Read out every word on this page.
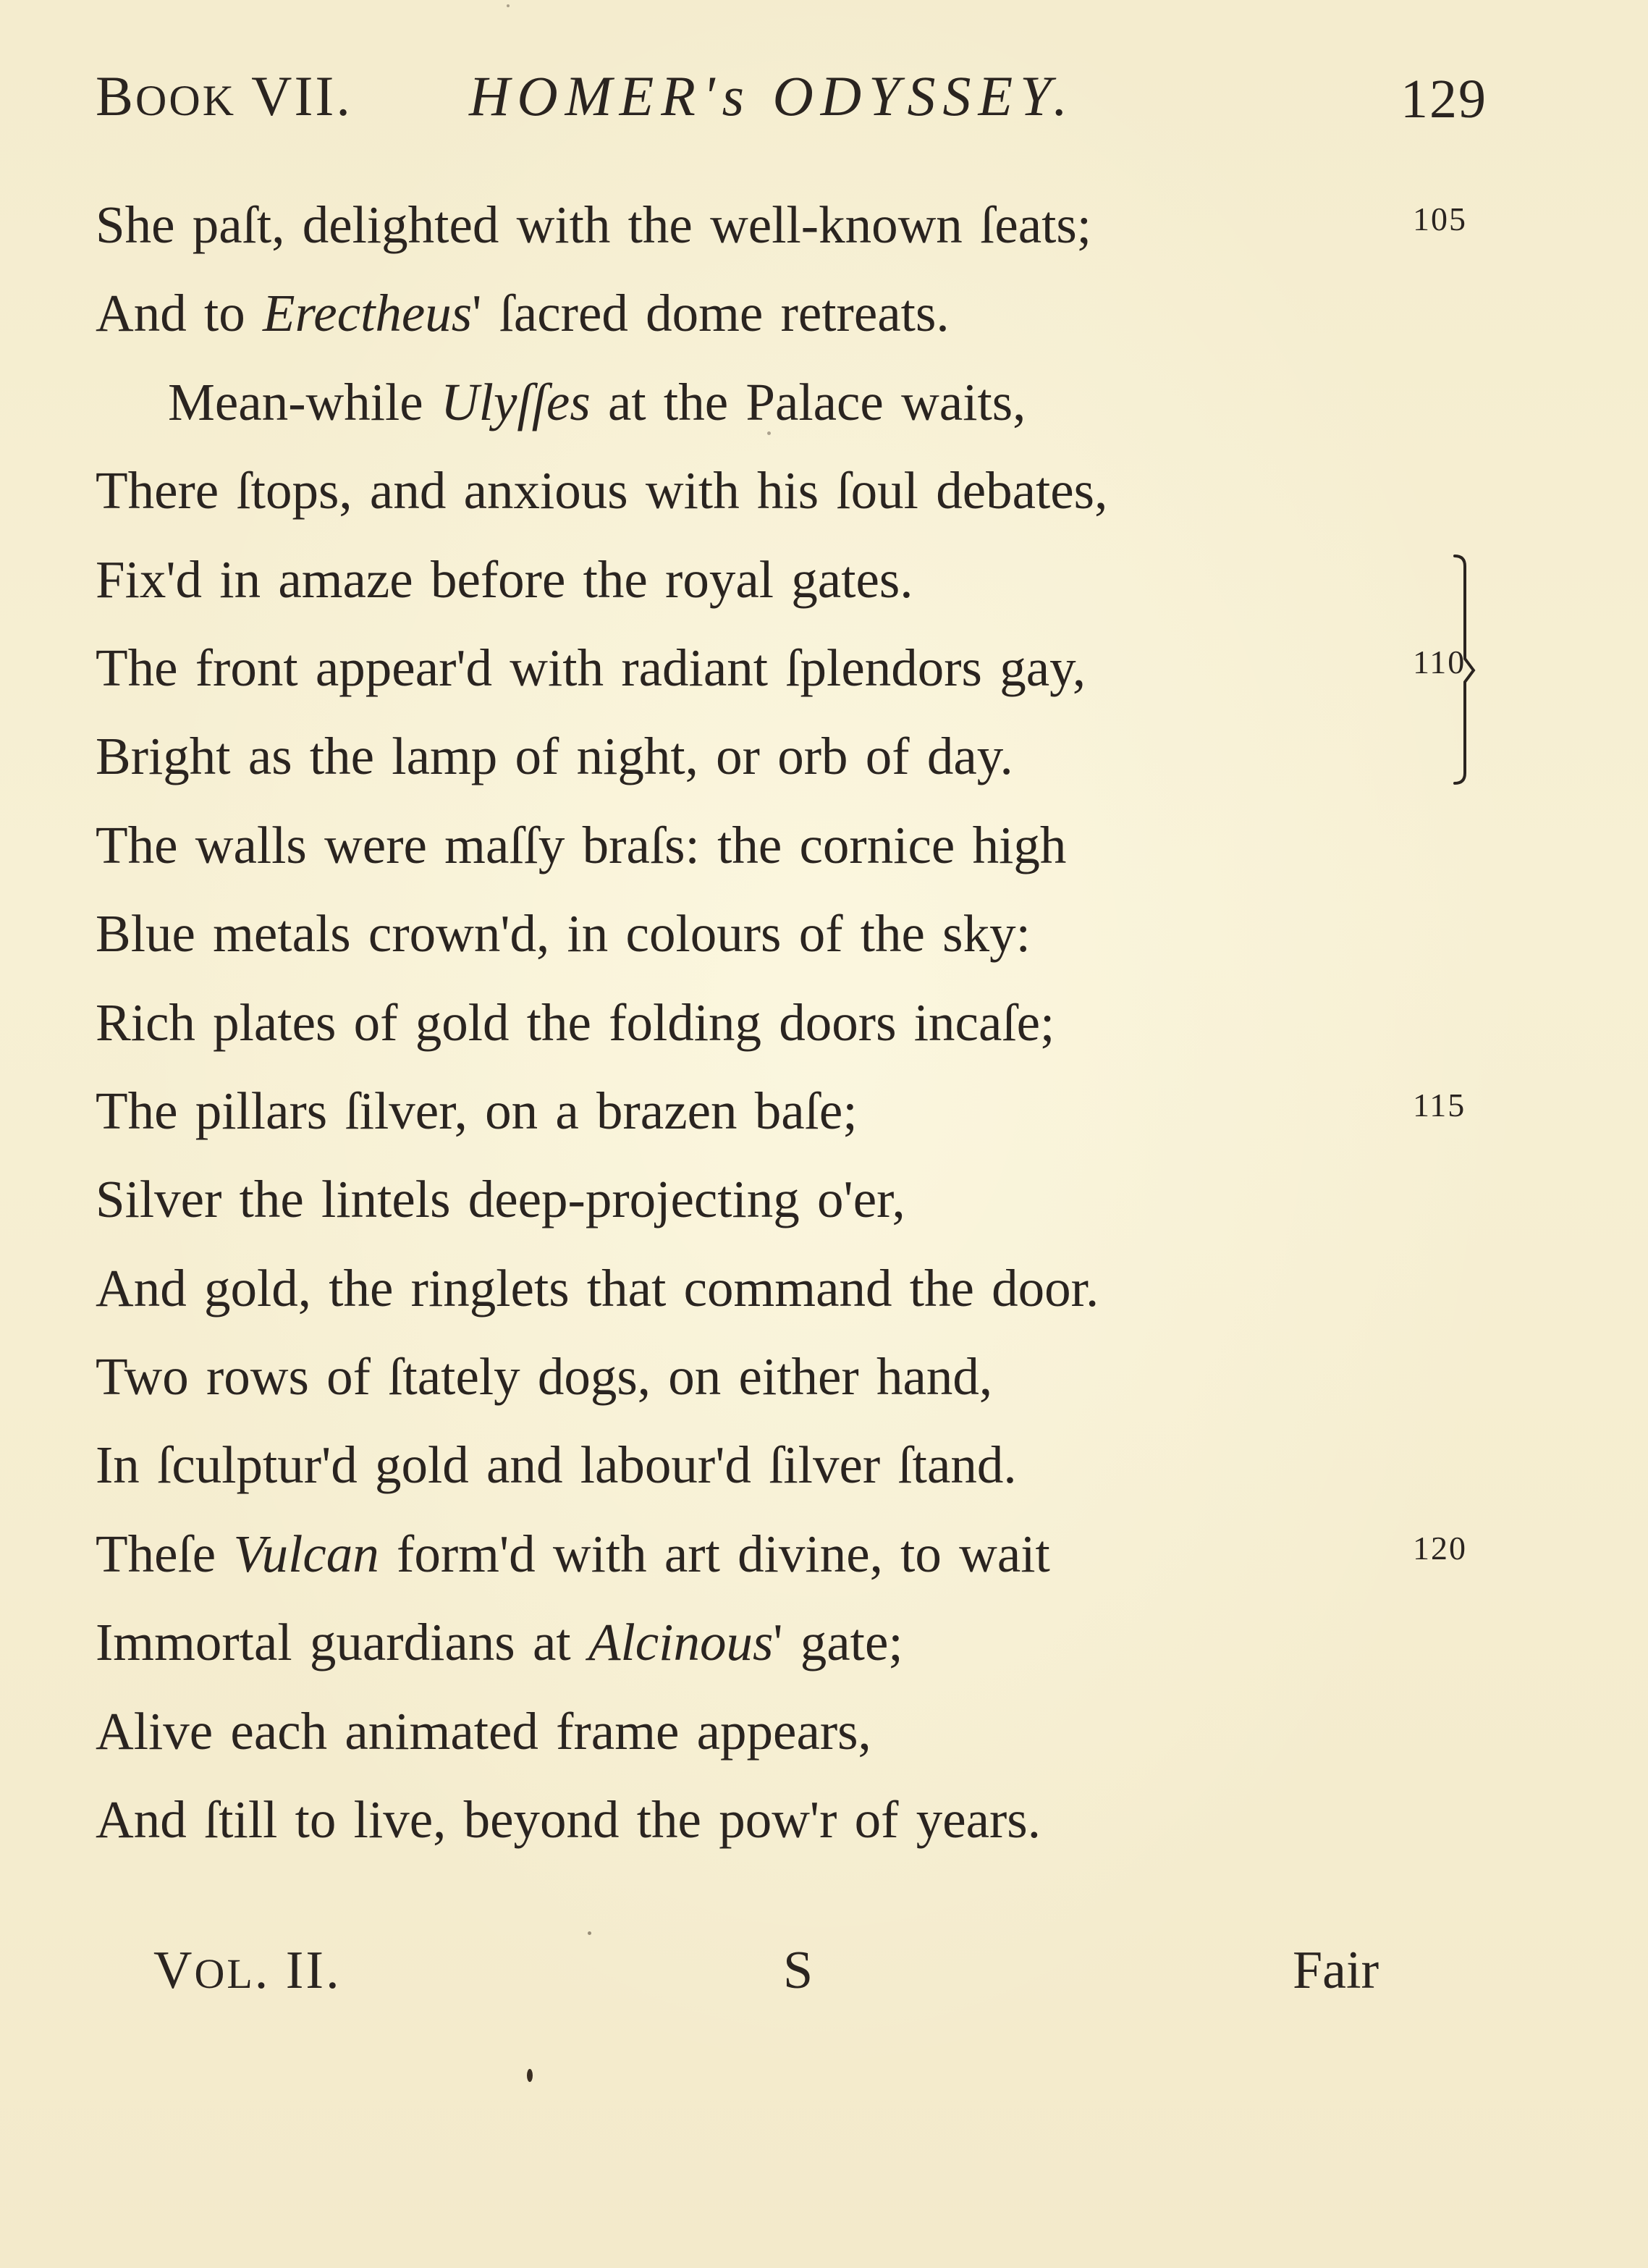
BOOK VII. HOMER's ODYSSEY.	129
She paſt, delighted with the well-known ſeats;	105
And to Erectheus' ſacred dome retreats.
Mean-while Ulyſſes at the Palace waits,
There ſtops, and anxious with his ſoul debates,
Fix'd in amaze before the royal gates.
The front appear'd with radiant ſplendors gay,	110
Bright as the lamp of night, or orb of day.
The walls were maſſy braſs: the cornice high
Blue metals crown'd, in colours of the sky:
Rich plates of gold the folding doors incaſe;
The pillars ſilver, on a brazen baſe;	115
Silver the lintels deep-projecting o'er,
And gold, the ringlets that command the door.
Two rows of ſtately dogs, on either hand,
In ſculptur'd gold and labour'd ſilver ſtand.
Theſe Vulcan form'd with art divine, to wait	120
Immortal guardians at Alcinous' gate;
Alive each animated frame appears,
And ſtill to live, beyond the pow'r of years.
VOL. II.	S	Fair
